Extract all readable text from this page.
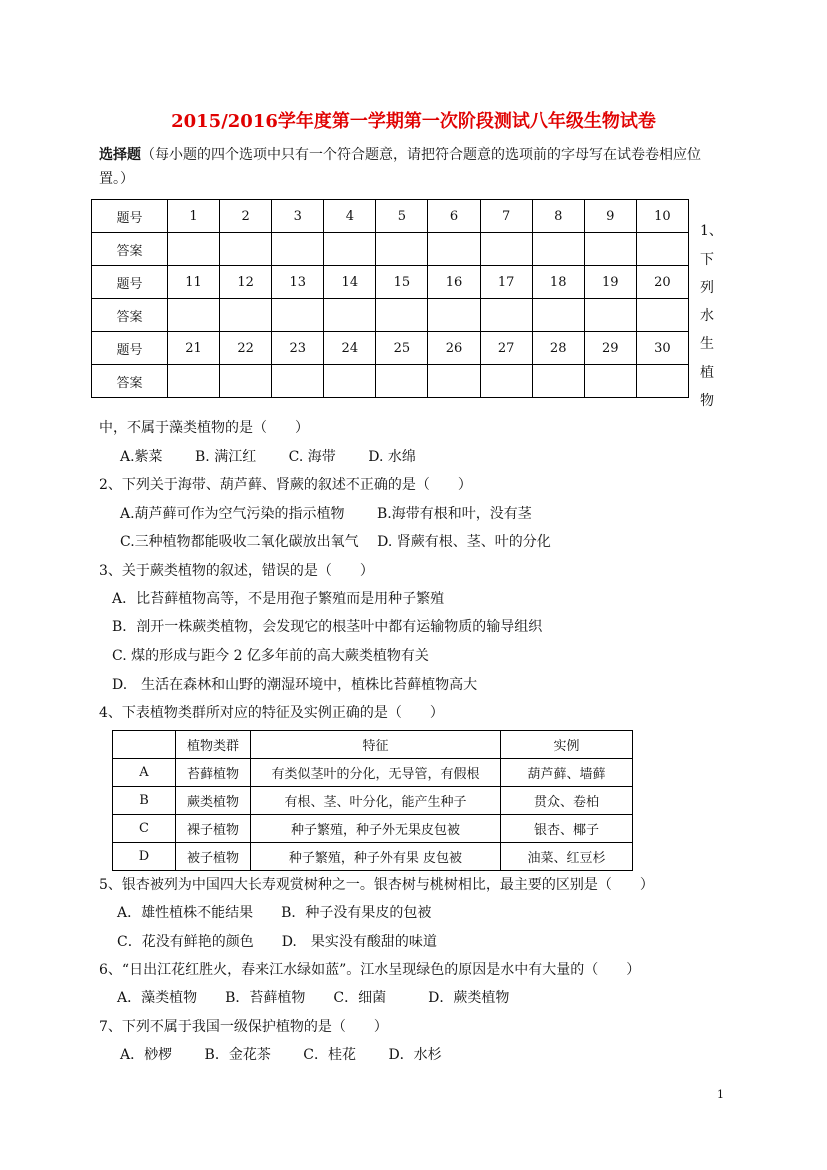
2015/2016学年度第一学期第一次阶段测试八年级生物试卷
选择题（每小题的四个选项中只有一个符合题意，请把符合题意的选项前的字母写在试卷卷相应位
置。）
题号	1	2	3	4	5	6	7	8	9	10
答案										
题号	11	12	13	14	15	16	17	18	19	20
答案										
题号	21	22	23	24	25	26	27	28	29	30
答案										
1、
下
列
水
生
植
物
中，不属于藻类植物的是（　　）
A.紫菜　　 B. 满江红　　 C. 海带　　 D. 水绵
2、下列关于海带、葫芦藓、肾蕨的叙述不正确的是（　　）
A.葫芦藓可作为空气污染的指示植物　　 B.海带有根和叶，没有茎
C.三种植物都能吸收二氧化碳放出氧气　 D. 肾蕨有根、茎、叶的分化
3、关于蕨类植物的叙述，错误的是（　　）
A．比苔藓植物高等，不是用孢子繁殖而是用种子繁殖
B．剖开一株蕨类植物，会发现它的根茎叶中都有运输物质的输导组织
C. 煤的形成与距今 2 亿多年前的高大蕨类植物有关
D.　生活在森林和山野的潮湿环境中，植株比苔藓植物高大
4、下表植物类群所对应的特征及实例正确的是（　　）
	植物类群	特征	实例
A	苔藓植物	有类似茎叶的分化，无导管，有假根	葫芦藓、墙藓
B	蕨类植物	有根、茎、叶分化，能产生种子	贯众、卷柏
C	裸子植物	种子繁殖，种子外无果皮包被	银杏、椰子
D	被子植物	种子繁殖，种子外有果 皮包被	油菜、红豆杉
5、银杏被列为中国四大长寿观赏树种之一。银杏树与桃树相比，最主要的区别是（　　）
A．雄性植株不能结果　　B．种子没有果皮的包被
C．花没有鲜艳的颜色　　D.　果实没有酸甜的味道
6、“日出江花红胜火，春来江水绿如蓝”。江水呈现绿色的原因是水中有大量的（　　）
A．藻类植物　　B．苔藓植物　　C．细菌　　　D．蕨类植物
7、下列不属于我国一级保护植物的是（　　）
A．桫椤　　 B．金花茶　　 C．桂花　　 D．水杉
1
